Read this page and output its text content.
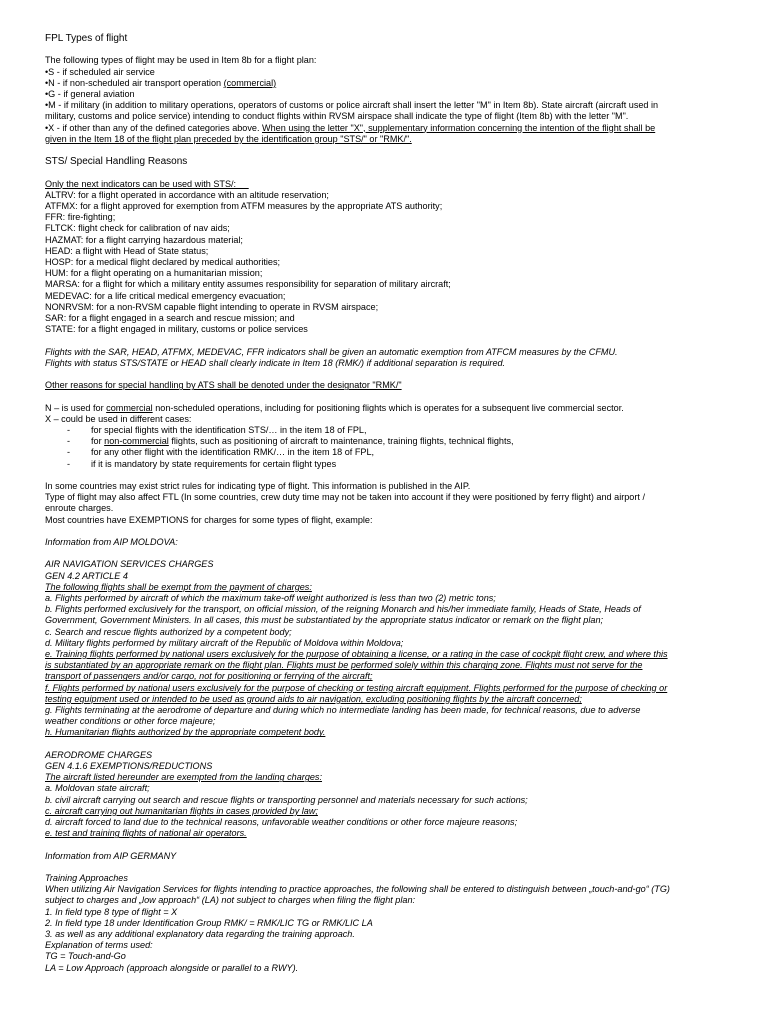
FPL Types of flight
The following types of flight may be used in Item 8b for a flight plan:
•S - if scheduled air service
•N - if non-scheduled air transport operation (commercial)
•G - if general aviation
•M - if military (in addition to military operations, operators of customs or police aircraft shall insert the letter "M" in Item 8b). State aircraft (aircraft used in
military, customs and police service) intending to conduct flights within RVSM airspace shall indicate the type of flight (Item 8b) with the letter "M".
•X - if other than any of the defined categories above. When using the letter "X", supplementary information concerning the intention of the flight shall be
given in the Item 18 of the flight plan preceded by the identification group "STS/" or "RMK/".
STS/ Special Handling Reasons
Only the next indicators can be used with STS/:
ALTRV: for a flight operated in accordance with an altitude reservation;
ATFMX: for a flight approved for exemption from ATFM measures by the appropriate ATS authority;
FFR: fire-fighting;
FLTCK: flight check for calibration of nav aids;
HAZMAT: for a flight carrying hazardous material;
HEAD: a flight with Head of State status;
HOSP: for a medical flight declared by medical authorities;
HUM: for a flight operating on a humanitarian mission;
MARSA: for a flight for which a military entity assumes responsibility for separation of military aircraft;
MEDEVAC: for a life critical medical emergency evacuation;
NONRVSM: for a non-RVSM capable flight intending to operate in RVSM airspace;
SAR: for a flight engaged in a search and rescue mission; and
STATE: for a flight engaged in military, customs or police services
Flights with the SAR, HEAD, ATFMX, MEDEVAC, FFR indicators shall be given an automatic exemption from ATFCM measures by the CFMU.
Flights with status STS/STATE or HEAD shall clearly indicate in Item 18 (RMK/) if additional separation is required.
Other reasons for special handling by ATS shall be denoted under the designator "RMK/"
N – is used for commercial non-scheduled operations, including for positioning flights which is operates for a subsequent live commercial sector.
X – could be used in different cases:
- for special flights with the identification STS/… in the item 18 of FPL,
- for non-commercial flights, such as positioning of aircraft to maintenance, training flights, technical flights,
- for any other flight with the identification RMK/… in the item 18 of FPL,
- if it is mandatory by state requirements for certain flight types
In some countries may exist strict rules for indicating type of flight. This information is published in the AIP.
Type of flight may also affect FTL (In some countries, crew duty time may not be taken into account if they were positioned by ferry flight) and airport /
enroute charges.
Most countries have EXEMPTIONS for charges for some types of flight, example:
Information from AIP MOLDOVA:
AIR NAVIGATION SERVICES CHARGES
GEN 4.2 ARTICLE 4
The following flights shall be exempt from the payment of charges:
a. Flights performed by aircraft of which the maximum take-off weight authorized is less than two (2) metric tons;
b. Flights performed exclusively for the transport, on official mission, of the reigning Monarch and his/her immediate family, Heads of State, Heads of
Government, Government Ministers. In all cases, this must be substantiated by the appropriate status indicator or remark on the flight plan;
c. Search and rescue flights authorized by a competent body;
d. Military flights performed by military aircraft of the Republic of Moldova within Moldova;
e. Training flights performed by national users exclusively for the purpose of obtaining a license, or a rating in the case of cockpit flight crew, and where this
is substantiated by an appropriate remark on the flight plan. Flights must be performed solely within this charging zone. Flights must not serve for the
transport of passengers and/or cargo, not for positioning or ferrying of the aircraft;
f. Flights performed by national users exclusively for the purpose of checking or testing aircraft equipment. Flights performed for the purpose of checking or
testing equipment used or intended to be used as ground aids to air navigation, excluding positioning flights by the aircraft concerned;
g. Flights terminating at the aerodrome of departure and during which no intermediate landing has been made, for technical reasons, due to adverse
weather conditions or other force majeure;
h. Humanitarian flights authorized by the appropriate competent body.
AERODROME CHARGES
GEN 4.1.6 EXEMPTIONS/REDUCTIONS
The aircraft listed hereunder are exempted from the landing charges:
a. Moldovan state aircraft;
b. civil aircraft carrying out search and rescue flights or transporting personnel and materials necessary for such actions;
c. aircraft carrying out humanitarian flights in cases provided by law;
d. aircraft forced to land due to the technical reasons, unfavorable weather conditions or other force majeure reasons;
e. test and training flights of national air operators.
Information from AIP GERMANY
Training Approaches
When utilizing Air Navigation Services for flights intending to practice approaches, the following shall be entered to distinguish between „touch-and-go“ (TG)
subject to charges and „low approach“ (LA) not subject to charges when filing the flight plan:
1. In field type 8 type of flight = X
2. In field type 18 under Identification Group RMK/ = RMK/LIC TG or RMK/LIC LA
3. as well as any additional explanatory data regarding the training approach.
Explanation of terms used:
TG = Touch-and-Go
LA = Low Approach (approach alongside or parallel to a RWY).
